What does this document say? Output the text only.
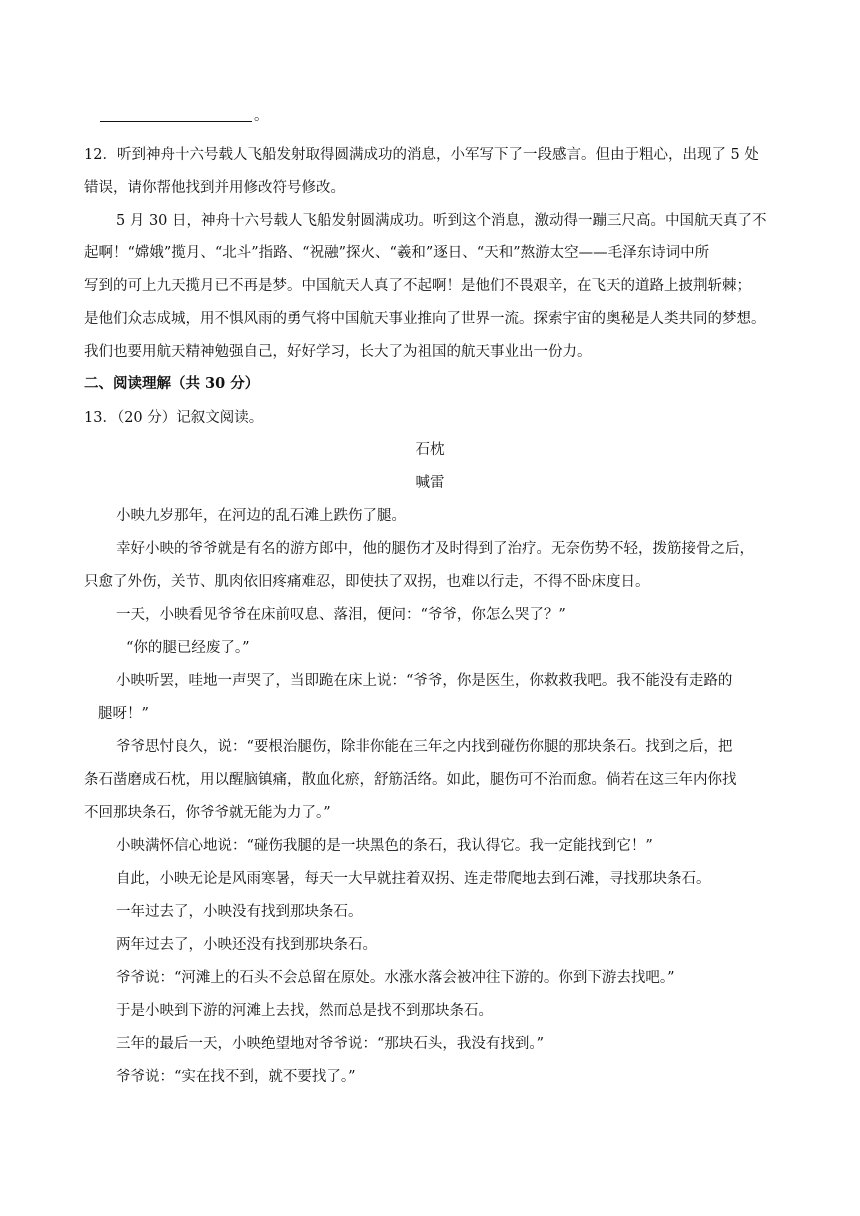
。
12．听到神舟十六号载人飞船发射取得圆满成功的消息，小军写下了一段感言。但由于粗心，出现了 5 处
错误，请你帮他找到并用修改符号修改。
5 月 30 日，神舟十六号载人飞船发射圆满成功。听到这个消息，激动得一蹦三尺高。中国航天真了不
起啊！“嫦娥”揽月、“北斗”指路、“祝融”探火、“羲和”逐日、“天和”熬游太空——毛泽东诗词中所
写到的可上九天揽月已不再是梦。中国航天人真了不起啊！是他们不畏艰辛，在飞天的道路上披荆斩棘；
是他们众志成城，用不惧风雨的勇气将中国航天事业推向了世界一流。探索宇宙的奥秘是人类共同的梦想。
我们也要用航天精神勉强自己，好好学习，长大了为祖国的航天事业出一份力。
二、阅读理解（共 30 分）
13．（20 分）记叙文阅读。
石枕
喊雷
小映九岁那年，在河边的乱石滩上跌伤了腿。
幸好小映的爷爷就是有名的游方郎中，他的腿伤才及时得到了治疗。无奈伤势不轻，拨筋接骨之后，
只愈了外伤，关节、肌肉依旧疼痛难忍，即使扶了双拐，也难以行走，不得不卧床度日。
一天，小映看见爷爷在床前叹息、落泪，便问：“爷爷，你怎么哭了？”
“你的腿已经废了。”
小映听罢，哇地一声哭了，当即跪在床上说：“爷爷，你是医生，你救救我吧。我不能没有走路的
腿呀！”
爷爷思忖良久，说：“要根治腿伤，除非你能在三年之内找到碰伤你腿的那块条石。找到之后，把
条石凿磨成石枕，用以醒脑镇痛，散血化瘀，舒筋活络。如此，腿伤可不治而愈。倘若在这三年内你找
不回那块条石，你爷爷就无能为力了。”
小映满怀信心地说：“碰伤我腿的是一块黑色的条石，我认得它。我一定能找到它！”
自此，小映无论是风雨寒暑，每天一大早就拄着双拐、连走带爬地去到石滩，寻找那块条石。
一年过去了，小映没有找到那块条石。
两年过去了，小映还没有找到那块条石。
爷爷说：“河滩上的石头不会总留在原处。水涨水落会被冲往下游的。你到下游去找吧。”
于是小映到下游的河滩上去找，然而总是找不到那块条石。
三年的最后一天，小映绝望地对爷爷说：“那块石头，我没有找到。”
爷爷说：“实在找不到，就不要找了。”
